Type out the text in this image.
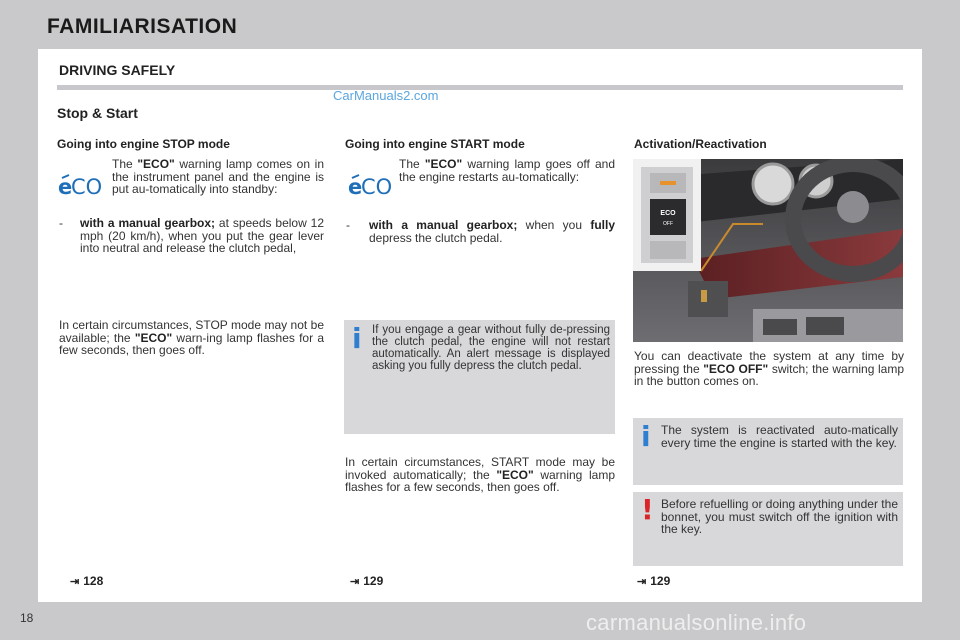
FAMILIARISATION
DRIVING SAFELY
CarManuals2.com
Stop & Start
Going into engine STOP mode
e
CO
The "ECO" warning lamp comes on in the instrument panel and the engine is put au-tomatically into standby:
-	with a manual gearbox; at speeds below 12 mph (20 km/h), when you put the gear lever into neutral and release the clutch pedal,
In certain circumstances, STOP mode may not be available; the "ECO" warn-ing lamp flashes for a few seconds, then goes off.
⇥ 128
Going into engine START mode
e
CO
The "ECO" warning lamp goes off and the engine restarts au-tomatically:
-	with a manual gearbox; when you fully depress the clutch pedal.
i If you engage a gear without fully de-pressing the clutch pedal, the engine will not restart automatically. An alert message is displayed asking you fully depress the clutch pedal.
In certain circumstances, START mode may be invoked automatically; the "ECO" warning lamp flashes for a few seconds, then goes off.
⇥ 129
Activation/Reactivation
ECO
OFF
You can deactivate the system at any time by pressing the "ECO OFF" switch; the warning lamp in the button comes on.
i The system is reactivated auto-matically every time the engine is started with the key.
! Before refuelling or doing anything under the bonnet, you must switch off the ignition with the key.
⇥ 129
18	carmanualsonline.info
